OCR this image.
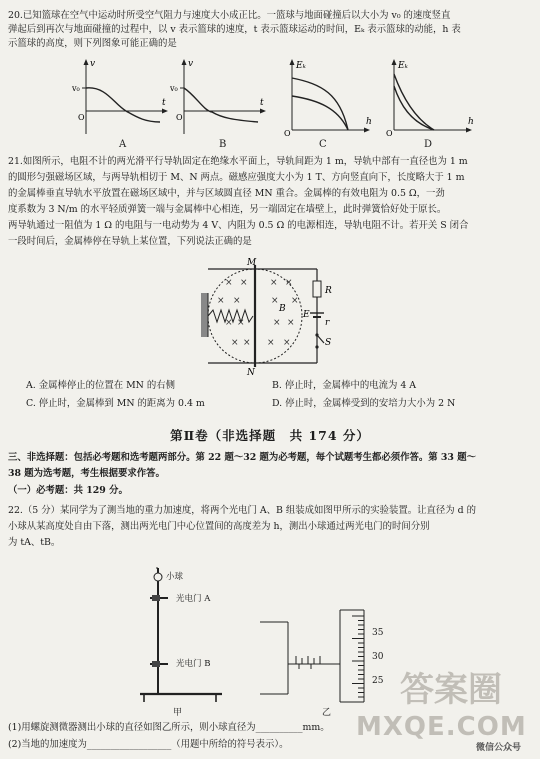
20.已知篮球在空气中运动时所受空气阻力与速度大小成正比。一篮球与地面碰撞后以大小为 v₀ 的速度竖直
弹起后到再次与地面碰撞的过程中，以 v 表示篮球的速度，t 表示篮球运动的时间，Eₖ 表示篮球的动能，h 表
示篮球的高度，则下列图象可能正确的是
v₀
v
t
O
A
v₀
v
t
O
B
Eₖ
h
O
C
Eₖ
h
O
D
21.如图所示，电阻不计的两光滑平行导轨固定在绝缘水平面上，导轨间距为 1 m，导轨中部有一直径也为 1 m
的圆形匀强磁场区域，与两导轨相切于 M、N 两点。磁感应强度大小为 1 T、方向竖直向下，长度略大于 1 m
的金属棒垂直导轨水平放置在磁场区域中，并与区域圆直径 MN 重合。金属棒的有效电阻为 0.5 Ω，一劲
度系数为 3 N/m 的水平轻质弹簧一端与金属棒中心相连，另一端固定在墙壁上，此时弹簧恰好处于原长。
两导轨通过一阻值为 1 Ω 的电阻与一电动势为 4 V、内阻为 0.5 Ω 的电源相连，导轨电阻不计。若开关 S 闭合
一段时间后，金属棒停在导轨上某位置，下列说法正确的是
M
N
B
R
E
r
S
× × × ×
× ×	× ×
× ×	× ×
× × × ×
A. 金属棒停止的位置在 MN 的右侧	B. 停止时，金属棒中的电流为 4 A
C. 停止时，金属棒到 MN 的距离为 0.4 m	D. 停止时，金属棒受到的安培力大小为 2 N
第Ⅱ卷（非选择题　共 174 分）
三、非选择题：包括必考题和选考题两部分。第 22 题～32 题为必考题，每个试题考生都必须作答。第 33 题～
38 题为选考题，考生根据要求作答。
（一）必考题：共 129 分。
22.（5 分）某同学为了测当地的重力加速度，将两个光电门 A、B 组装成如图甲所示的实验装置。让直径为 d 的
小球从某高度处自由下落，测出两光电门中心位置间的高度差为 h，测出小球通过两光电门的时间分别
为 tA、tB。
小球
光电门 A
光电门 B
甲
35
30
25
乙
(1)用螺旋测微器测出小球的直径如图乙所示，则小球直径为__________mm。
(2)当地的加速度为__________________（用题中所给的符号表示）。
答案圈
MXQE.COM
微信公众号
